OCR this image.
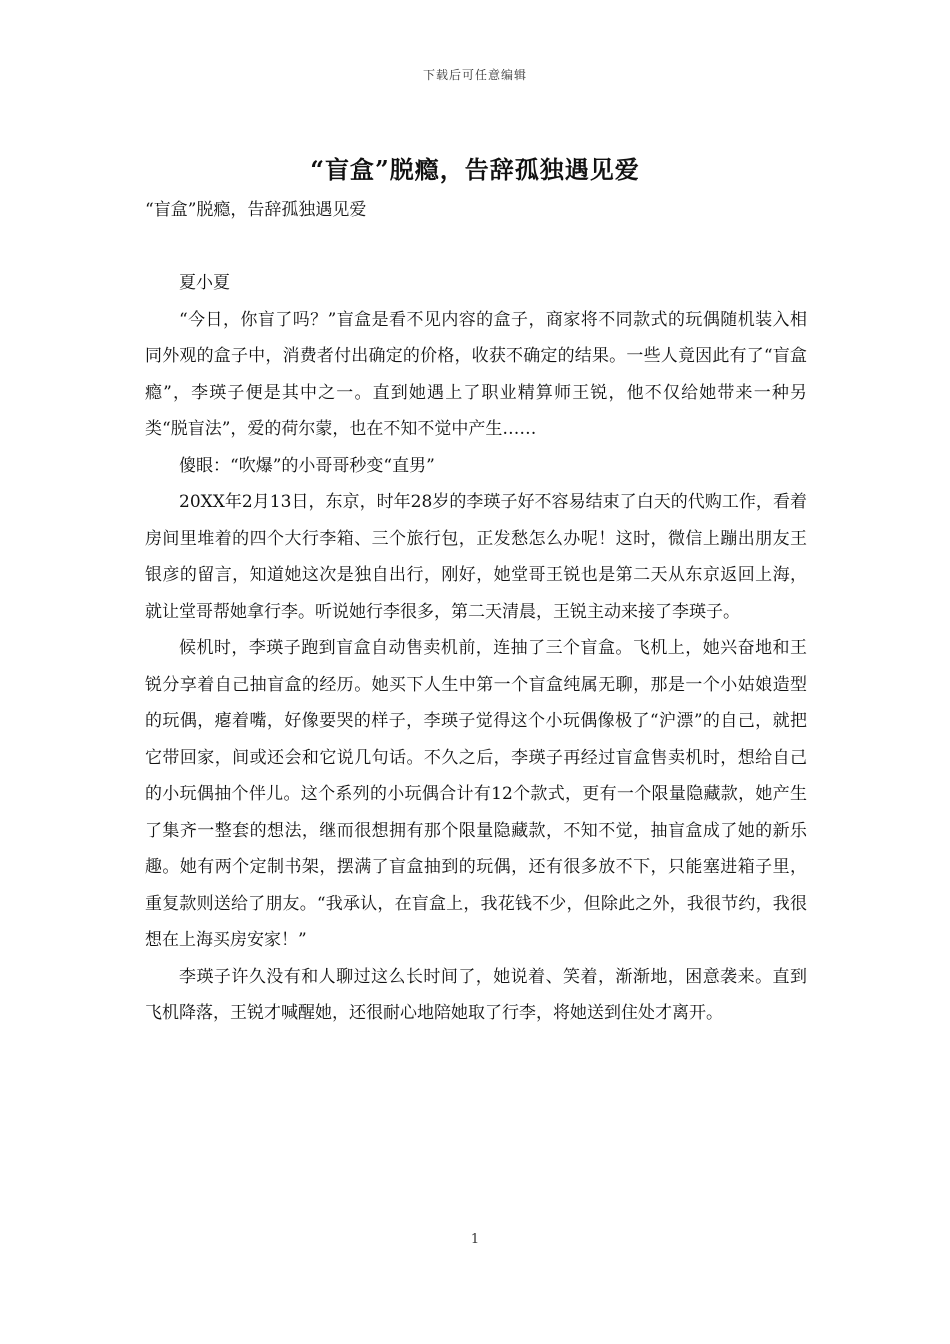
下载后可任意编辑
“盲盒”脱瘾，告辞孤独遇见爱

“盲盒”脱瘾，告辞孤独遇见爱

夏小夏

“今日，你盲了吗？”盲盒是看不见内容的盒子，商家将不同款式的玩偶随机装入相同外观的盒子中，消费者付出确定的价格，收获不确定的结果。一些人竟因此有了“盲盒瘾”，李瑛子便是其中之一。直到她遇上了职业精算师王锐，他不仅给她带来一种另类“脱盲法”，爱的荷尔蒙，也在不知不觉中产生……

傻眼：“吹爆”的小哥哥秒变“直男”

20XX年2月13日，东京，时年28岁的李瑛子好不容易结束了白天的代购工作，看着房间里堆着的四个大行李箱、三个旅行包，正发愁怎么办呢！这时，微信上蹦出朋友王银彦的留言，知道她这次是独自出行，刚好，她堂哥王锐也是第二天从东京返回上海，就让堂哥帮她拿行李。听说她行李很多，第二天清晨，王锐主动来接了李瑛子。

候机时，李瑛子跑到盲盒自动售卖机前，连抽了三个盲盒。飞机上，她兴奋地和王锐分享着自己抽盲盒的经历。她买下人生中第一个盲盒纯属无聊，那是一个小姑娘造型的玩偶，瘪着嘴，好像要哭的样子，李瑛子觉得这个小玩偶像极了“沪漂”的自己，就把它带回家，间或还会和它说几句话。不久之后，李瑛子再经过盲盒售卖机时，想给自己的小玩偶抽个伴儿。这个系列的小玩偶合计有12个款式，更有一个限量隐藏款，她产生了集齐一整套的想法，继而很想拥有那个限量隐藏款，不知不觉，抽盲盒成了她的新乐趣。她有两个定制书架，摆满了盲盒抽到的玩偶，还有很多放不下，只能塞进箱子里，重复款则送给了朋友。“我承认，在盲盒上，我花钱不少，但除此之外，我很节约，我很想在上海买房安家！”

李瑛子许久没有和人聊过这么长时间了，她说着、笑着，渐渐地，困意袭来。直到飞机降落，王锐才喊醒她，还很耐心地陪她取了行李，将她送到住处才离开。

1
